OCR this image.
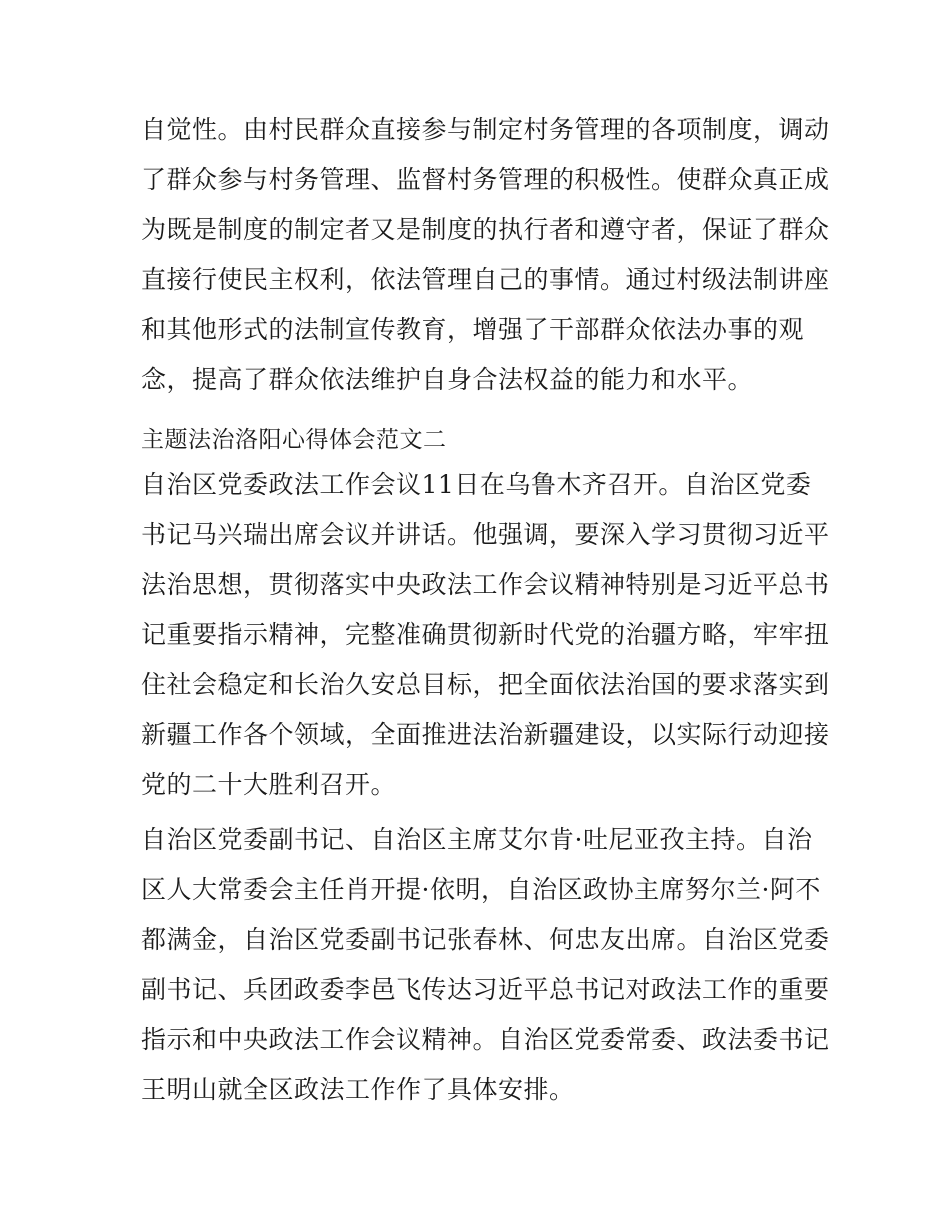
自觉性。由村民群众直接参与制定村务管理的各项制度，调动
了群众参与村务管理、监督村务管理的积极性。使群众真正成
为既是制度的制定者又是制度的执行者和遵守者，保证了群众
直接行使民主权利，依法管理自己的事情。通过村级法制讲座
和其他形式的法制宣传教育，增强了干部群众依法办事的观
念，提高了群众依法维护自身合法权益的能力和水平。
主题法治洛阳心得体会范文二
自治区党委政法工作会议11日在乌鲁木齐召开。自治区党委
书记马兴瑞出席会议并讲话。他强调，要深入学习贯彻习近平
法治思想，贯彻落实中央政法工作会议精神特别是习近平总书
记重要指示精神，完整准确贯彻新时代党的治疆方略，牢牢扭
住社会稳定和长治久安总目标，把全面依法治国的要求落实到
新疆工作各个领域，全面推进法治新疆建设，以实际行动迎接
党的二十大胜利召开。
自治区党委副书记、自治区主席艾尔肯·吐尼亚孜主持。自治
区人大常委会主任肖开提·依明，自治区政协主席努尔兰·阿不
都满金，自治区党委副书记张春林、何忠友出席。自治区党委
副书记、兵团政委李邑飞传达习近平总书记对政法工作的重要
指示和中央政法工作会议精神。自治区党委常委、政法委书记
王明山就全区政法工作作了具体安排。
